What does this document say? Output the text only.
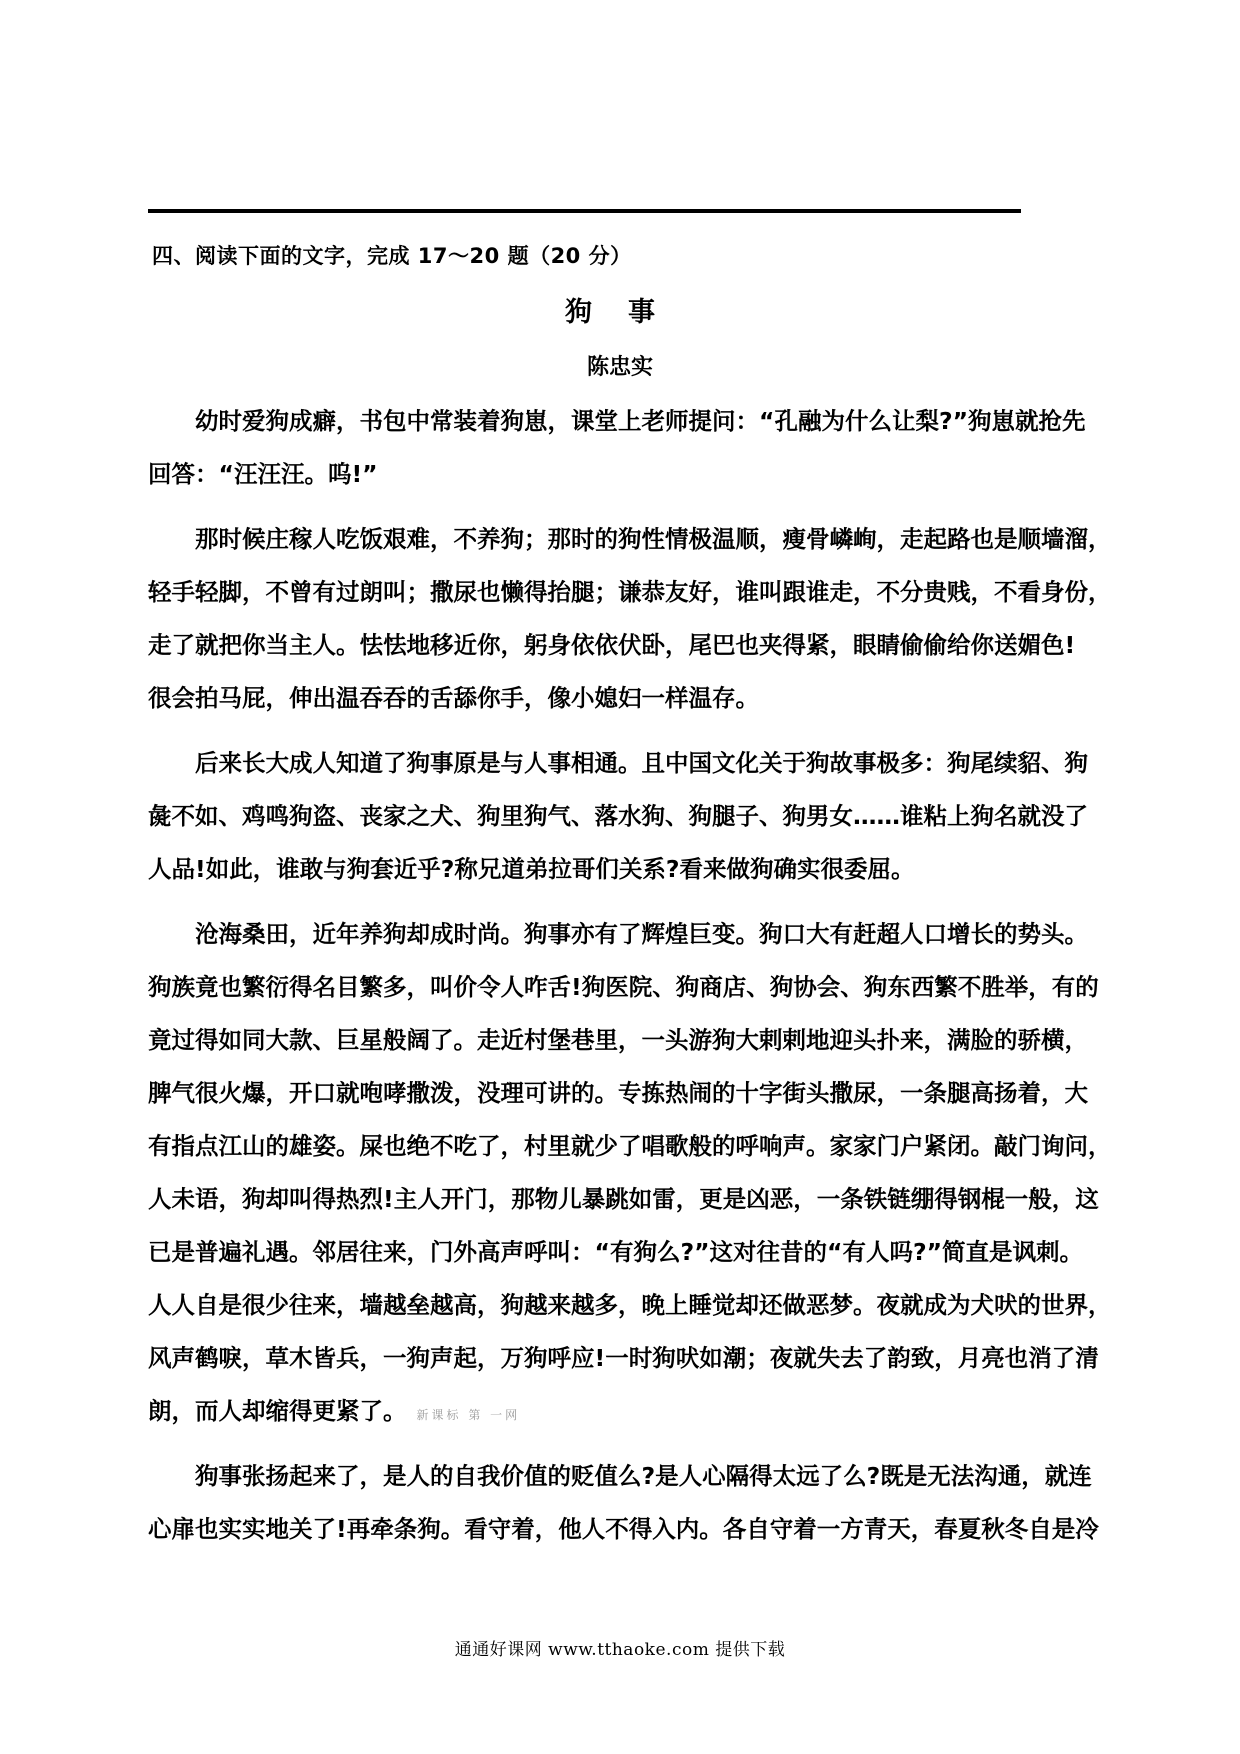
四、阅读下面的文字，完成 17～20 题（20 分）
狗事
陈忠实
　　幼时爱狗成癖，书包中常装着狗崽，课堂上老师提问：“孔融为什么让梨?”狗崽就抢先
回答：“汪汪汪。呜!”
　　那时候庄稼人吃饭艰难，不养狗；那时的狗性情极温顺，瘦骨嶙峋，走起路也是顺墙溜，
轻手轻脚，不曾有过朗叫；撒尿也懒得抬腿；谦恭友好，谁叫跟谁走，不分贵贱，不看身份，
走了就把你当主人。怯怯地移近你，躬身依依伏卧，尾巴也夹得紧，眼睛偷偷给你送媚色!
很会拍马屁，伸出温吞吞的舌舔你手，像小媳妇一样温存。
　　后来长大成人知道了狗事原是与人事相通。且中国文化关于狗故事极多：狗尾续貂、狗
彘不如、鸡鸣狗盗、丧家之犬、狗里狗气、落水狗、狗腿子、狗男女……谁粘上狗名就没了
人品!如此，谁敢与狗套近乎?称兄道弟拉哥们关系?看来做狗确实很委屈。
　　沧海桑田，近年养狗却成时尚。狗事亦有了辉煌巨变。狗口大有赶超人口增长的势头。
狗族竟也繁衍得名目繁多，叫价令人咋舌!狗医院、狗商店、狗协会、狗东西繁不胜举，有的
竟过得如同大款、巨星般阔了。走近村堡巷里，一头游狗大剌剌地迎头扑来，满脸的骄横，
脾气很火爆，开口就咆哮撒泼，没理可讲的。专拣热闹的十字街头撒尿，一条腿高扬着，大
有指点江山的雄姿。屎也绝不吃了，村里就少了唱歌般的呼响声。家家门户紧闭。敲门询问，
人未语，狗却叫得热烈!主人开门，那物儿暴跳如雷，更是凶恶，一条铁链绷得钢棍一般，这
已是普遍礼遇。邻居往来，门外高声呼叫：“有狗么?”这对往昔的“有人吗?”简直是讽刺。
人人自是很少往来，墙越垒越高，狗越来越多，晚上睡觉却还做恶梦。夜就成为犬吠的世界，
风声鹤唳，草木皆兵，一狗声起，万狗呼应!一时狗吠如潮；夜就失去了韵致，月亮也消了清
朗，而人却缩得更紧了。 新课标 第 一网
　　狗事张扬起来了，是人的自我价值的贬值么?是人心隔得太远了么?既是无法沟通，就连
心扉也实实地关了!再牵条狗。看守着，他人不得入内。各自守着一方青天，春夏秋冬自是冷
通通好课网 www.tthaoke.com 提供下载
